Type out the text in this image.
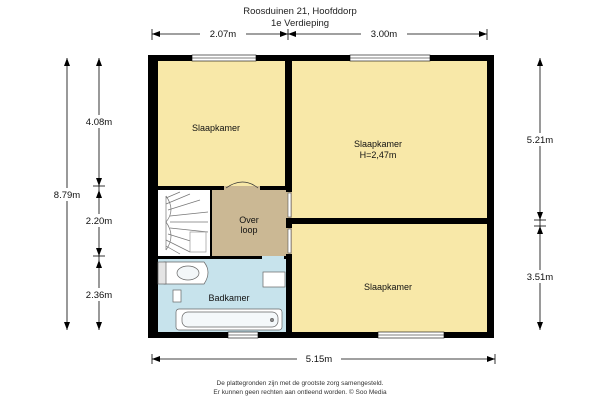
Roosduinen 21, Hoofddorp
1e Verdieping
2.07m	3.00m
8.79m
4.08m
2.20m
2.36m
5.21m
3.51m
5.15m
Slaapkamer
Slaapkamer
H=2,47m
Over
loop
Badkamer
Slaapkamer
De plattegronden zijn met de grootste zorg samengesteld.
Er kunnen geen rechten aan ontleend worden. © Soo Media
